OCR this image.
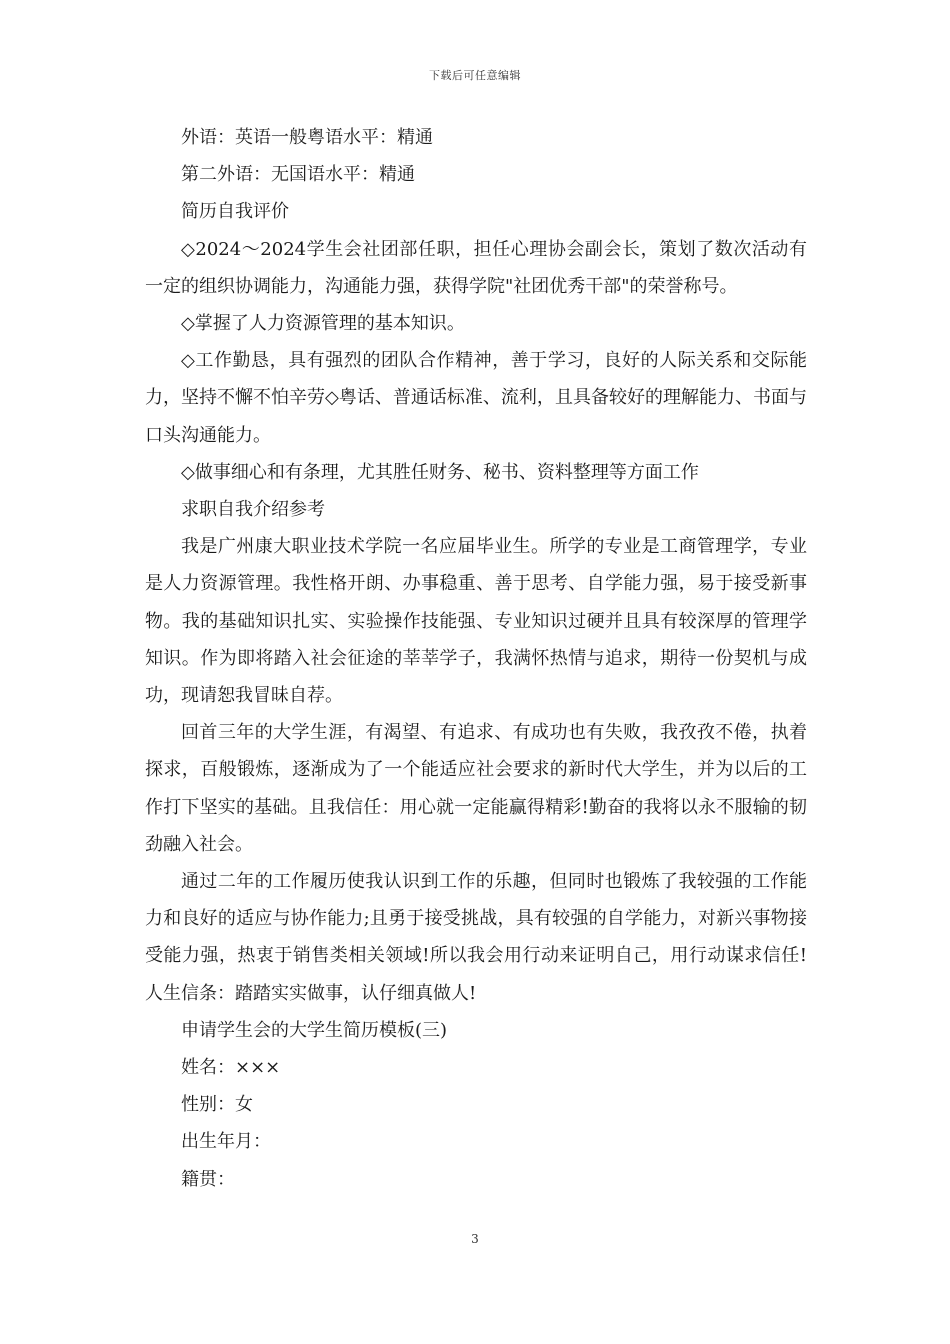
下载后可任意编辑

外语：英语一般粤语水平：精通

第二外语：无国语水平：精通

简历自我评价

◇2024～2024学生会社团部任职，担任心理协会副会长，策划了数次活动有一定的组织协调能力，沟通能力强，获得学院"社团优秀干部"的荣誉称号。

◇掌握了人力资源管理的基本知识。

◇工作勤恳，具有强烈的团队合作精神，善于学习，良好的人际关系和交际能力，坚持不懈不怕辛劳◇粤话、普通话标准、流利，且具备较好的理解能力、书面与口头沟通能力。

◇做事细心和有条理，尤其胜任财务、秘书、资料整理等方面工作

求职自我介绍参考

我是广州康大职业技术学院一名应届毕业生。所学的专业是工商管理学，专业是人力资源管理。我性格开朗、办事稳重、善于思考、自学能力强，易于接受新事物。我的基础知识扎实、实验操作技能强、专业知识过硬并且具有较深厚的管理学知识。作为即将踏入社会征途的莘莘学子，我满怀热情与追求，期待一份契机与成功，现请恕我冒昧自荐。

回首三年的大学生涯，有渴望、有追求、有成功也有失败，我孜孜不倦，执着探求，百般锻炼，逐渐成为了一个能适应社会要求的新时代大学生，并为以后的工作打下坚实的基础。且我信任：用心就一定能赢得精彩!勤奋的我将以永不服输的韧劲融入社会。

通过二年的工作履历使我认识到工作的乐趣，但同时也锻炼了我较强的工作能力和良好的适应与协作能力;且勇于接受挑战，具有较强的自学能力，对新兴事物接受能力强，热衷于销售类相关领域!所以我会用行动来证明自己，用行动谋求信任!人生信条：踏踏实实做事，认仔细真做人!

申请学生会的大学生简历模板(三)

姓名：×××

性别：女

出生年月：

籍贯：

3
